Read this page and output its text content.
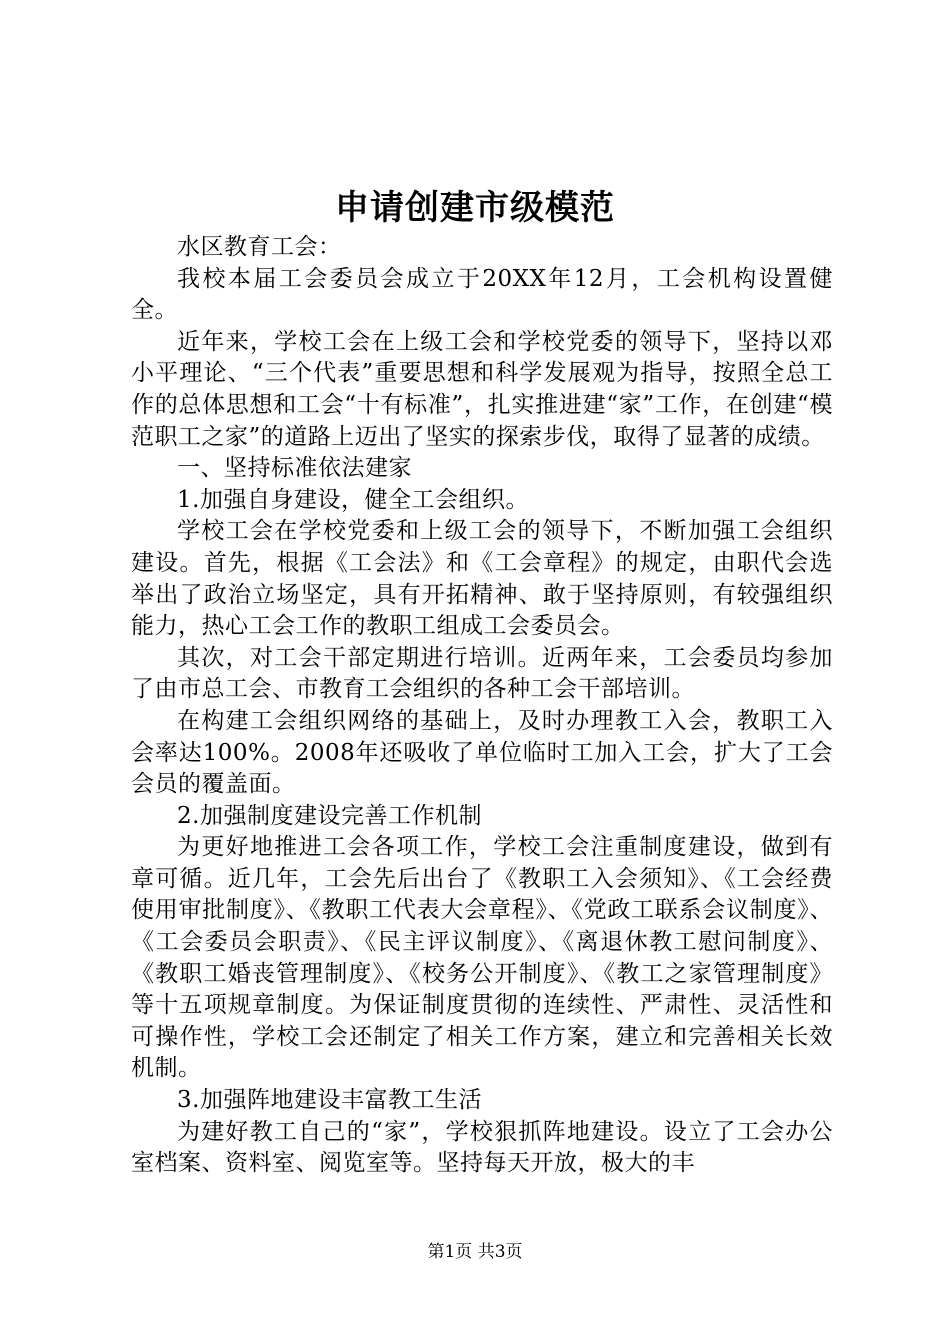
申请创建市级模范

水区教育工会：

我校本届工会委员会成立于20XX年12月，工会机构设置健全。

近年来，学校工会在上级工会和学校党委的领导下，坚持以邓小平理论、“三个代表”重要思想和科学发展观为指导，按照全总工作的总体思想和工会“十有标准”，扎实推进建“家”工作，在创建“模范职工之家”的道路上迈出了坚实的探索步伐，取得了显著的成绩。

一、坚持标准依法建家

1.加强自身建设，健全工会组织。

学校工会在学校党委和上级工会的领导下，不断加强工会组织建设。首先，根据《工会法》和《工会章程》的规定，由职代会选举出了政治立场坚定，具有开拓精神、敢于坚持原则，有较强组织能力，热心工会工作的教职工组成工会委员会。

其次，对工会干部定期进行培训。近两年来，工会委员均参加了由市总工会、市教育工会组织的各种工会干部培训。

在构建工会组织网络的基础上，及时办理教工入会，教职工入会率达100%。2008年还吸收了单位临时工加入工会，扩大了工会会员的覆盖面。

2.加强制度建设完善工作机制

为更好地推进工会各项工作，学校工会注重制度建设，做到有章可循。近几年，工会先后出台了《教职工入会须知》、《工会经费使用审批制度》、《教职工代表大会章程》、《党政工联系会议制度》、《工会委员会职责》、《民主评议制度》、《离退休教工慰问制度》、《教职工婚丧管理制度》、《校务公开制度》、《教工之家管理制度》等十五项规章制度。为保证制度贯彻的连续性、严肃性、灵活性和可操作性，学校工会还制定了相关工作方案，建立和完善相关长效机制。

3.加强阵地建设丰富教工生活

为建好教工自己的“家”，学校狠抓阵地建设。设立了工会办公室档案、资料室、阅览室等。坚持每天开放，极大的丰

第1页 共3页
